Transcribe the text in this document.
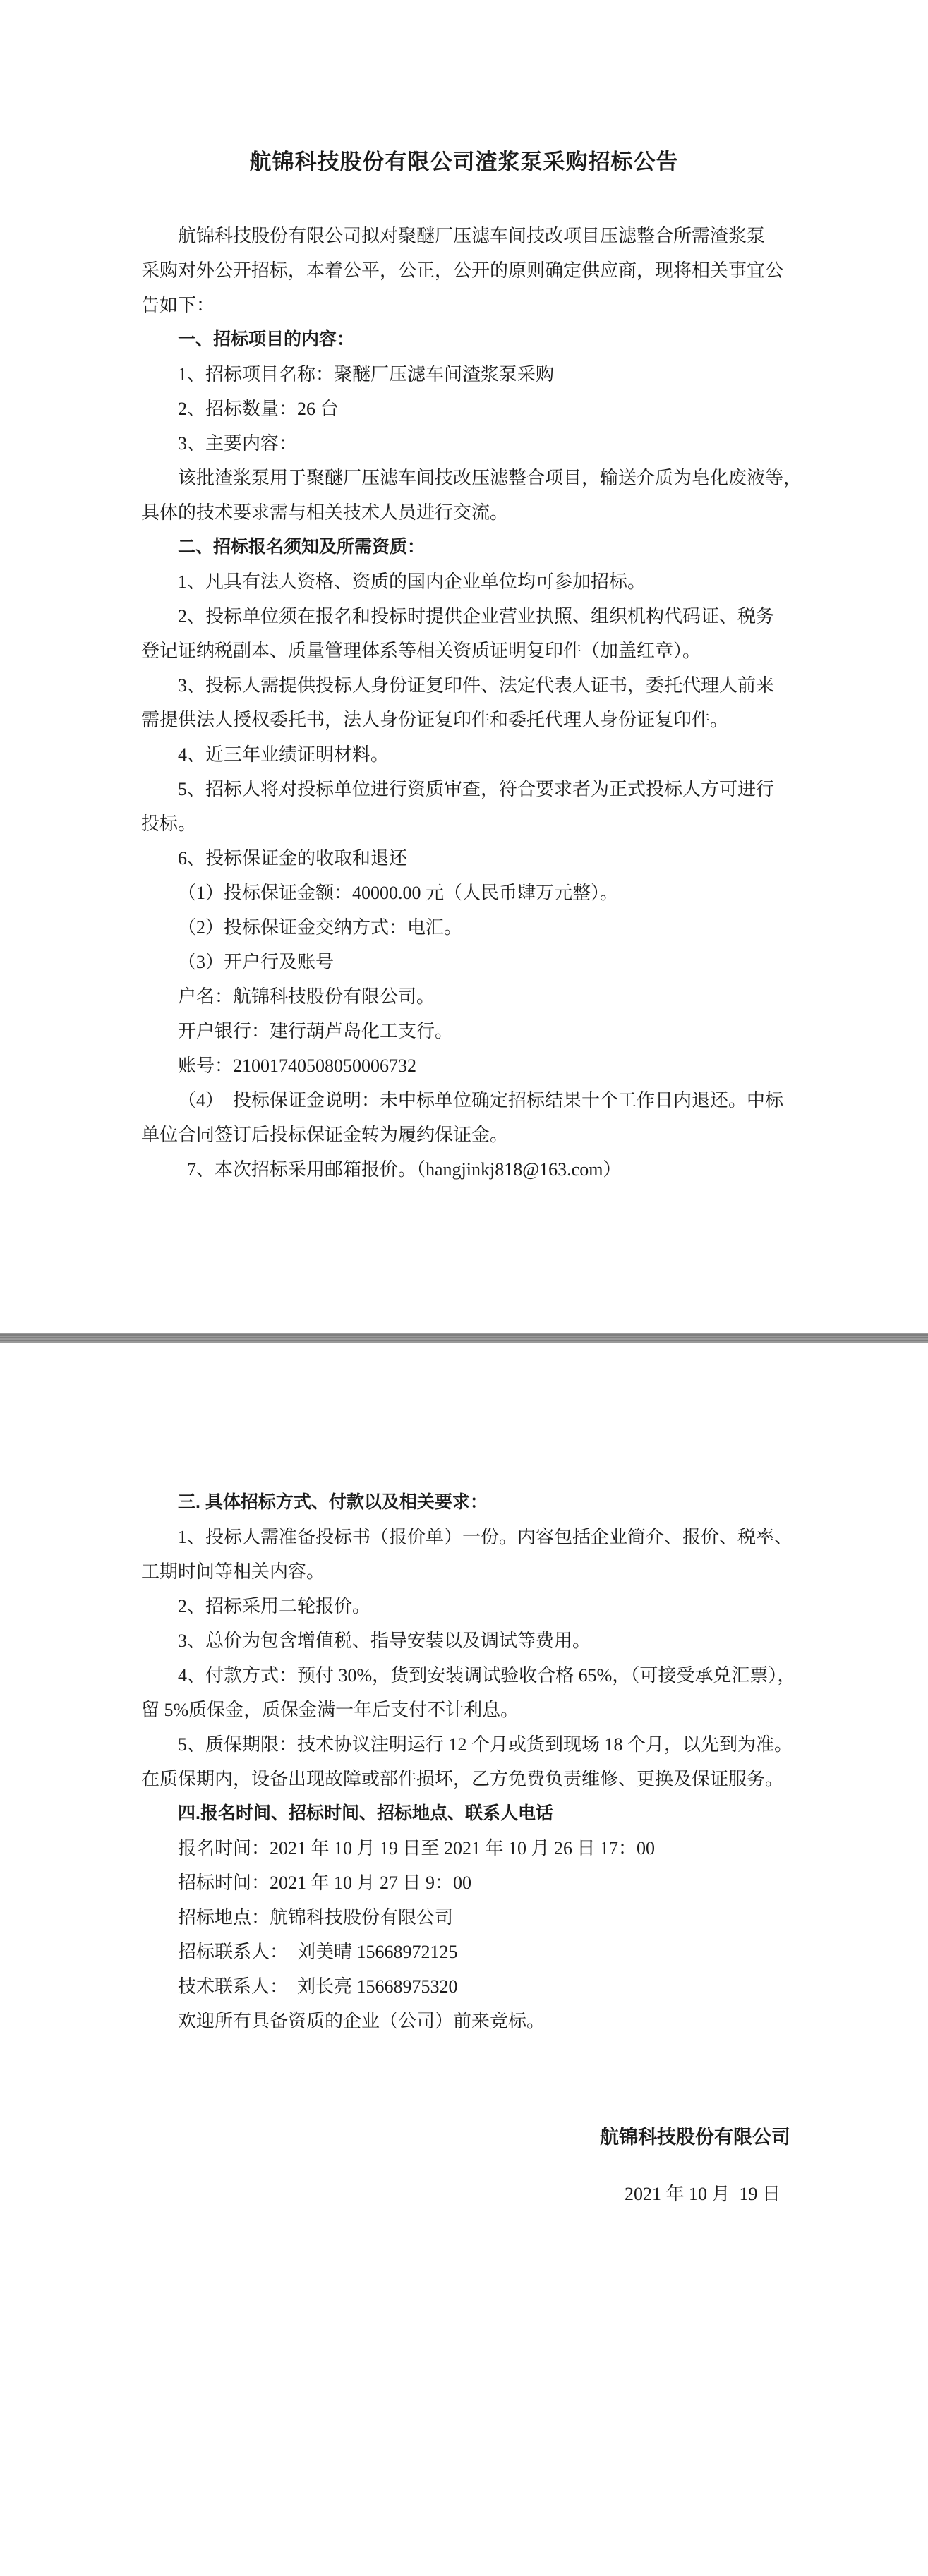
航锦科技股份有限公司渣浆泵采购招标公告

航锦科技股份有限公司拟对聚醚厂压滤车间技改项目压滤整合所需渣浆泵

采购对外公开招标，本着公平，公正，公开的原则确定供应商，现将相关事宜公

告如下：

一、招标项目的内容：

1、招标项目名称：聚醚厂压滤车间渣浆泵采购

2、招标数量：26 台

3、主要内容：

该批渣浆泵用于聚醚厂压滤车间技改压滤整合项目，输送介质为皂化废液等，

具体的技术要求需与相关技术人员进行交流。

二、招标报名须知及所需资质：

1、凡具有法人资格、资质的国内企业单位均可参加招标。

2、投标单位须在报名和投标时提供企业营业执照、组织机构代码证、税务

登记证纳税副本、质量管理体系等相关资质证明复印件（加盖红章）。

3、投标人需提供投标人身份证复印件、法定代表人证书，委托代理人前来

需提供法人授权委托书，法人身份证复印件和委托代理人身份证复印件。

4、近三年业绩证明材料。

5、招标人将对投标单位进行资质审查，符合要求者为正式投标人方可进行

投标。

6、投标保证金的收取和退还

（1）投标保证金额：40000.00 元（人民币肆万元整）。

（2）投标保证金交纳方式：电汇。

（3）开户行及账号

户名：航锦科技股份有限公司。

开户银行：建行葫芦岛化工支行。

账号：21001740508050006732

（4）  投标保证金说明：未中标单位确定招标结果十个工作日内退还。中标

单位合同签订后投标保证金转为履约保证金。

7、本次招标采用邮箱报价。（hangjinkj818@163.com）

三. 具体招标方式、付款以及相关要求：

1、投标人需准备投标书（报价单）一份。内容包括企业简介、报价、税率、

工期时间等相关内容。

2、招标采用二轮报价。

3、总价为包含增值税、指导安装以及调试等费用。

4、付款方式：预付 30%，货到安装调试验收合格 65%，（可接受承兑汇票），

留 5%质保金，质保金满一年后支付不计利息。

5、质保期限：技术协议注明运行 12 个月或货到现场 18 个月，以先到为准。

在质保期内，设备出现故障或部件损坏，乙方免费负责维修、更换及保证服务。

四.报名时间、招标时间、招标地点、联系人电话

报名时间：2021 年 10 月 19 日至 2021 年 10 月 26 日 17：00

招标时间：2021 年 10 月 27 日 9：00

招标地点：航锦科技股份有限公司

招标联系人：　刘美晴 15668972125

技术联系人：　刘长亮 15668975320

欢迎所有具备资质的企业（公司）前来竞标。

航锦科技股份有限公司

2021 年 10 月  19 日
